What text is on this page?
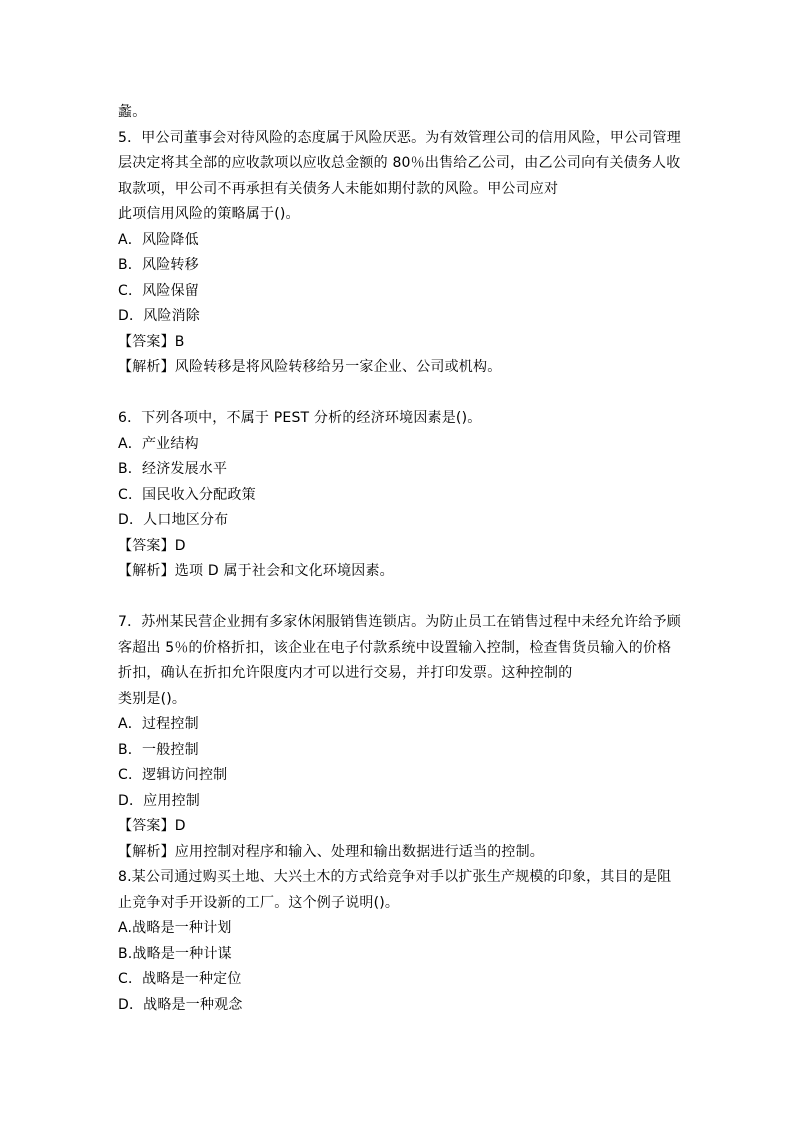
蠡。
5．甲公司董事会对待风险的态度属于风险厌恶。为有效管理公司的信用风险，甲公司管理
层决定将其全部的应收款项以应收总金额的 80％出售给乙公司，由乙公司向有关债务人收
取款项，甲公司不再承担有关债务人未能如期付款的风险。甲公司应对
此项信用风险的策略属于()。
A．风险降低
B．风险转移
C．风险保留
D．风险消除
【答案】B
【解析】风险转移是将风险转移给另一家企业、公司或机构。
6．下列各项中，不属于 PEST 分析的经济环境因素是()。
A．产业结构
B．经济发展水平
C．国民收入分配政策
D．人口地区分布
【答案】D
【解析】选项 D 属于社会和文化环境因素。
7．苏州某民营企业拥有多家休闲服销售连锁店。为防止员工在销售过程中未经允许给予顾
客超出 5％的价格折扣，该企业在电子付款系统中设置输入控制，检查售货员输入的价格
折扣，确认在折扣允许限度内才可以进行交易，并打印发票。这种控制的
类别是()。
A．过程控制
B．一般控制
C．逻辑访问控制
D．应用控制
【答案】D
【解析】应用控制对程序和输入、处理和输出数据进行适当的控制。
8.某公司通过购买土地、大兴土木的方式给竞争对手以扩张生产规模的印象，其目的是阻
止竞争对手开设新的工厂。这个例子说明()。
A.战略是一种计划
B.战略是一种计谋
C．战略是一种定位
D．战略是一种观念
